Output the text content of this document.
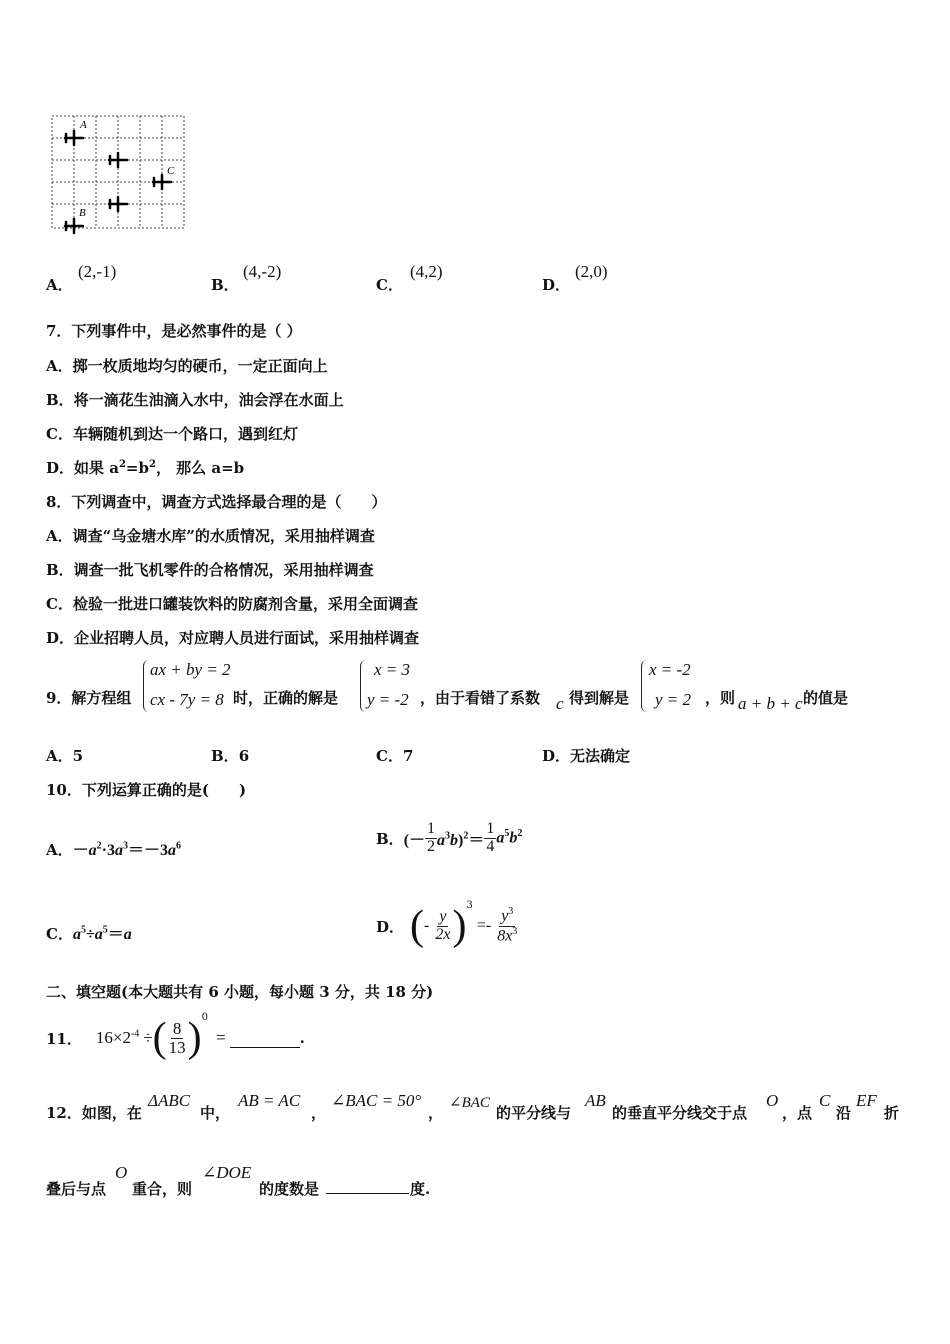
A
C
B
A．
(2,-1)
B．
(4,-2)
C．
(4,2)
D．
(2,0)
7．下列事件中，是必然事件的是（ ）
A．掷一枚质地均匀的硬币，一定正面向上
B．将一滴花生油滴入水中，油会浮在水面上
C．车辆随机到达一个路口，遇到红灯
D．如果 $a^2=b^2$， 那么 a=b
8．下列调查中，调查方式选择最合理的是（　　）
A．调查“乌金塘水库”的水质情况，采用抽样调查
B．调查一批飞机零件的合格情况，采用抽样调查
C．检验一批进口罐装饮料的防腐剂含量，采用全面调查
D．企业招聘人员，对应聘人员进行面试，采用抽样调查
9．解方程组
ax + by = 2
cx - 7y = 8 时，正确的解是
x = 3
y = -2 ，由于看错了系数 c 得到解是
x = -2
y = 2 ，则 a + b + c 的值是
A．5	B．6	C．7	D．无法确定
10．下列运算正确的是(　　)
A．$-a^2\cdot 3a^3=-3a^6$	B． (－ $\frac{1}{2} a^3b)^2= \frac{1}{4} a^5b^2$
C．$a^5\div a^5=a$	D． ( - $\frac{y}{2x} )^3$
=- $\frac{y^3}{8x^3}$
二、填空题(本大题共有 6 小题，每小题 3 分，共 18 分)
11． $16\times 2^{-4}$ ÷ ( $\frac{8}{13} )^0$
=	.
12．如图，在
ΔABC
中，
AB = AC
，
∠BAC = 50°
，
∠BAC
的平分线与
AB
的垂直平分线交于点
O
，点
C
沿
EF
折
叠后与点
O
重合，则
∠DOE
的度数是	度.
